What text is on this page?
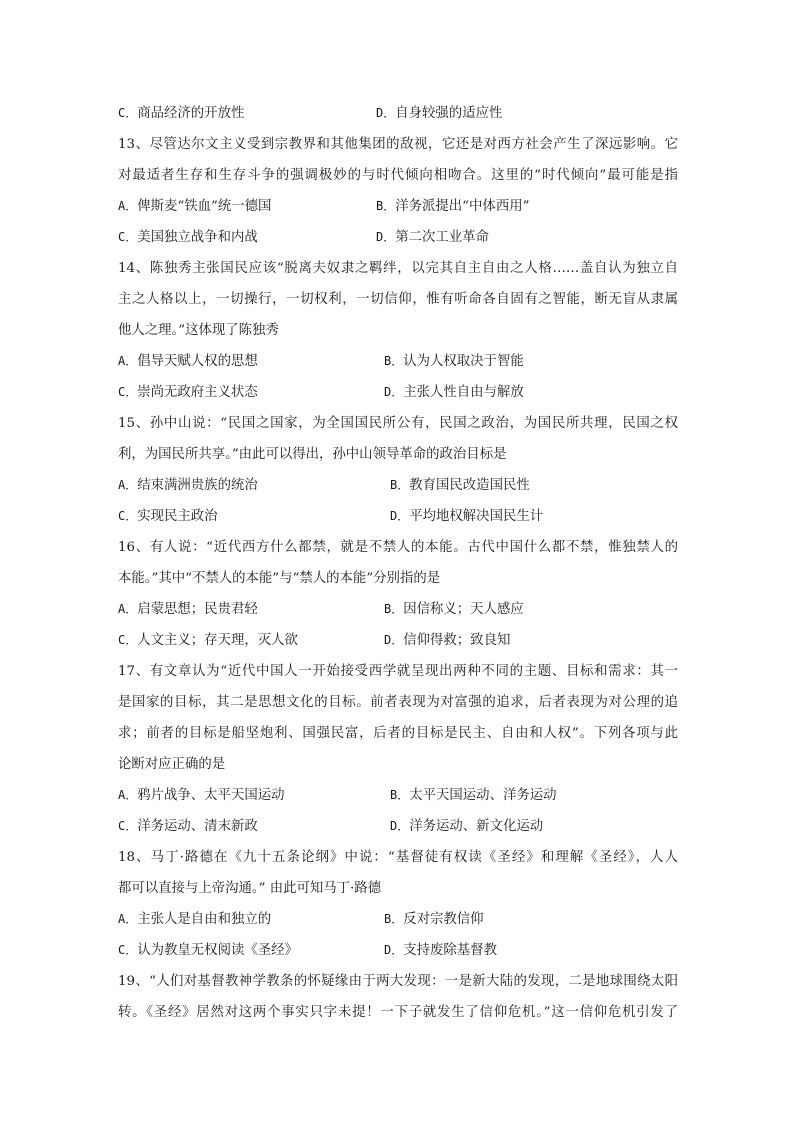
C．商品经济的开放性	D．自身较强的适应性
13、尽管达尔文主义受到宗教界和其他集团的敌视，它还是对西方社会产生了深远影响。它
对最适者生存和生存斗争的强调极妙的与时代倾向相吻合。这里的“时代倾向”最可能是指
A．俾斯麦“铁血”统一德国	B．洋务派提出“中体西用”
C．美国独立战争和内战	D．第二次工业革命
14、陈独秀主张国民应该“脱离夫奴隶之羁绊，以完其自主自由之人格……盖自认为独立自
主之人格以上，一切操行，一切权利，一切信仰，惟有听命各自固有之智能，断无盲从隶属
他人之理。”这体现了陈独秀
A．倡导天赋人权的思想	B．认为人权取决于智能
C．崇尚无政府主义状态	D．主张人性自由与解放
15、孙中山说：“民国之国家，为全国国民所公有，民国之政治，为国民所共理，民国之权
利，为国民所共享。”由此可以得出，孙中山领导革命的政治目标是
A．结束满洲贵族的统治	B．教育国民改造国民性
C．实现民主政治	D．平均地权解决国民生计
16、有人说：“近代西方什么都禁，就是不禁人的本能。古代中国什么都不禁，惟独禁人的
本能。”其中“不禁人的本能”与“禁人的本能”分别指的是
A．启蒙思想；民贵君轻	B．因信称义；天人感应
C．人文主义；存天理，灭人欲	D．信仰得救；致良知
17、有文章认为“近代中国人一开始接受西学就呈现出两种不同的主题、目标和需求：其一
是国家的目标，其二是思想文化的目标。前者表现为对富强的追求，后者表现为对公理的追
求；前者的目标是船坚炮利、国强民富，后者的目标是民主、自由和人权”。下列各项与此
论断对应正确的是
A．鸦片战争、太平天国运动	B．太平天国运动、洋务运动
C．洋务运动、清末新政	D．洋务运动、新文化运动
18、马丁·路德在《九十五条论纲》中说：“基督徒有权读《圣经》和理解《圣经》，人人
都可以直接与上帝沟通。” 由此可知马丁·路德
A．主张人是自由和独立的	B．反对宗教信仰
C．认为教皇无权阅读《圣经》	D．支持废除基督教
19、“人们对基督教神学教条的怀疑缘由于两大发现：一是新大陆的发现，二是地球围绕太阳
转。《圣经》居然对这两个事实只字未提！一下子就发生了信仰危机。”这一信仰危机引发了
